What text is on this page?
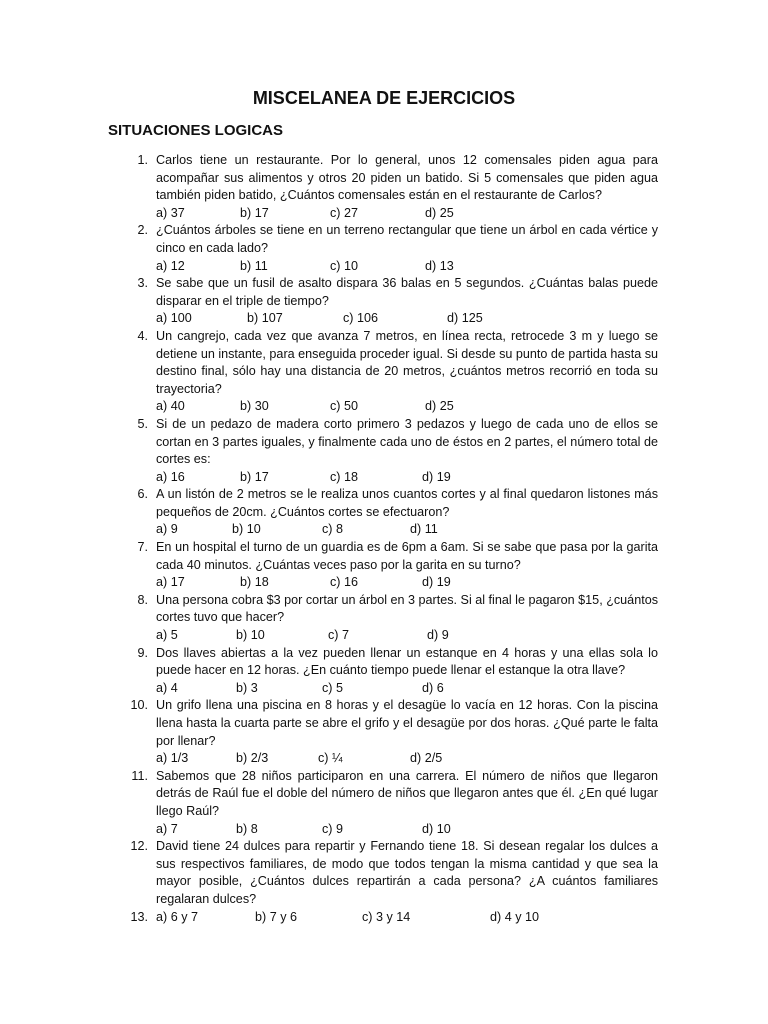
MISCELANEA DE EJERCICIOS
SITUACIONES LOGICAS
1. Carlos tiene un restaurante. Por lo general, unos 12 comensales piden agua para acompañar sus alimentos y otros 20 piden un batido. Si 5 comensales que piden agua también piden batido, ¿Cuántos comensales están en el restaurante de Carlos?
a) 37	b) 17	c) 27	d) 25
2. ¿Cuántos árboles se tiene en un terreno rectangular que tiene un árbol en cada vértice y cinco en cada lado?
a) 12	b) 11	c) 10	d) 13
3. Se sabe que un fusil de asalto dispara 36 balas en 5 segundos. ¿Cuántas balas puede disparar en el triple de tiempo?
a) 100	b) 107	c) 106	d) 125
4. Un cangrejo, cada vez que avanza 7 metros, en línea recta, retrocede 3 m y luego se detiene un instante, para enseguida proceder igual. Si desde su punto de partida hasta su destino final, sólo hay una distancia de 20 metros, ¿cuántos metros recorrió en toda su trayectoria?
a) 40	b) 30	c) 50	d) 25
5. Si de un pedazo de madera corto primero 3 pedazos y luego de cada uno de ellos se cortan en 3 partes iguales, y finalmente cada uno de éstos en 2 partes, el número total de cortes es:
a) 16	b) 17	c) 18	d) 19
6. A un listón de 2 metros se le realiza unos cuantos cortes y al final quedaron listones más pequeños de 20cm. ¿Cuántos cortes se efectuaron?
a) 9	b) 10	c) 8	d) 11
7. En un hospital el turno de un guardia es de 6pm a 6am. Si se sabe que pasa por la garita cada 40 minutos. ¿Cuántas veces paso por la garita en su turno?
a) 17	b) 18	c) 16	d) 19
8. Una persona cobra $3 por cortar un árbol en 3 partes. Si al final le pagaron $15, ¿cuántos cortes tuvo que hacer?
a) 5	b) 10	c) 7	d) 9
9. Dos llaves abiertas a la vez pueden llenar un estanque en 4 horas y una ellas sola lo puede hacer en 12 horas. ¿En cuánto tiempo puede llenar el estanque la otra llave?
a) 4	b) 3	c) 5	d) 6
10. Un grifo llena una piscina en 8 horas y el desagüe lo vacía en 12 horas. Con la piscina llena hasta la cuarta parte se abre el grifo y el desagüe por dos horas. ¿Qué parte le falta por llenar?
a) 1/3	b) 2/3	c) ¼	d) 2/5
11. Sabemos que 28 niños participaron en una carrera. El número de niños que llegaron detrás de Raúl fue el doble del número de niños que llegaron antes que él. ¿En qué lugar llego Raúl?
a) 7	b) 8	c) 9	d) 10
12. David tiene 24 dulces para repartir y Fernando tiene 18. Si desean regalar los dulces a sus respectivos familiares, de modo que todos tengan la misma cantidad y que sea la mayor posible, ¿Cuántos dulces repartirán a cada persona? ¿A cuántos familiares regalaran dulces?
13. a) 6 y 7	b) 7 y 6	c) 3 y 14	d) 4 y 10
